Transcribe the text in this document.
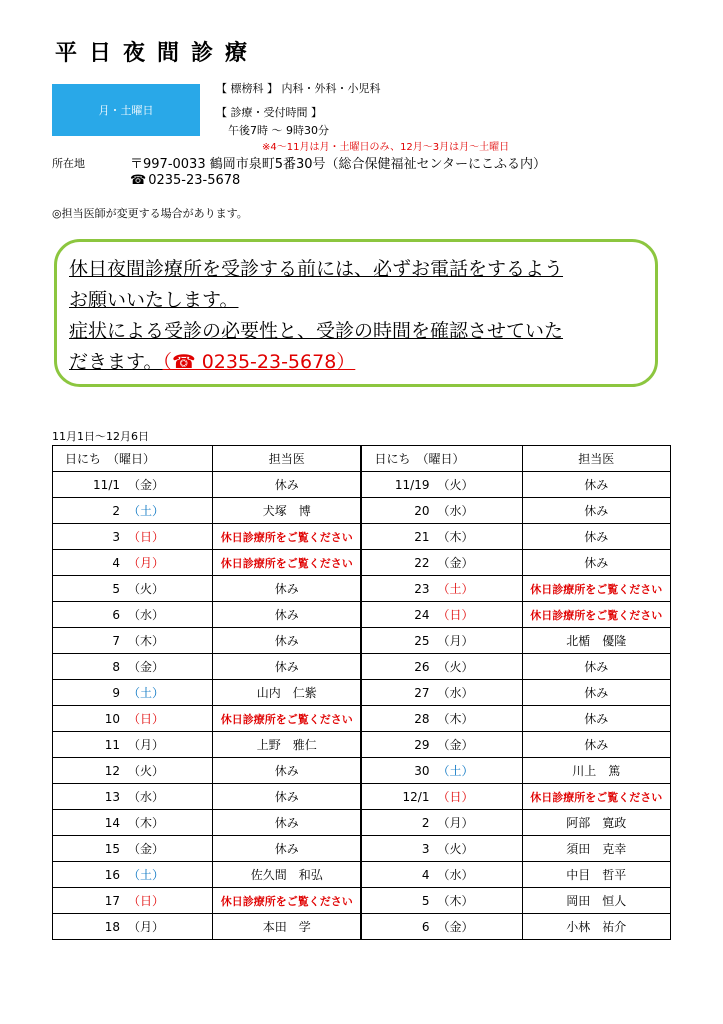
平日夜間診療
月・土曜日
【 標榜科 】 内科・外科・小児科
【 診療・受付時間 】
午後7時 ～ 9時30分
※4～11月は月・土曜日のみ、12月～3月は月～土曜日
所在地	〒997-0033 鶴岡市泉町5番30号（総合保健福祉センターにこふる内）
☎ 0235-23-5678
◎担当医師が変更する場合があります。

休日夜間診療所を受診する前には、必ずお電話をするよう

お願いいたします。

症状による受診の必要性と、受診の時間を確認させていた

だきます。（☎ 0235-23-5678）

11月1日～12月6日
日にち　（曜日）	担当医	日にち　（曜日）	担当医

11/1 （金）	休み	11/19 （火）	休み

2 （土）	犬塚　博	20 （水）	休み

3 （日）	休日診療所をご覧ください	21 （木）	休み

4 （月）	休日診療所をご覧ください	22 （金）	休み

5 （火）	休み	23 （土）	休日診療所をご覧ください

6 （水）	休み	24 （日）	休日診療所をご覧ください

7 （木）	休み	25 （月）	北楯　優隆

8 （金）	休み	26 （火）	休み

9 （土）	山内　仁紫	27 （水）	休み

10 （日）	休日診療所をご覧ください	28 （木）	休み

11 （月）	上野　雅仁	29 （金）	休み

12 （火）	休み	30 （土）	川上　篤

13 （水）	休み	12/1 （日）	休日診療所をご覧ください

14 （木）	休み	2 （月）	阿部　寛政

15 （金）	休み	3 （火）	須田　克幸

16 （土）	佐久間　和弘	4 （水）	中目　哲平

17 （日）	休日診療所をご覧ください	5 （木）	岡田　恒人

18 （月）	本田　学	6 （金）	小林　祐介
